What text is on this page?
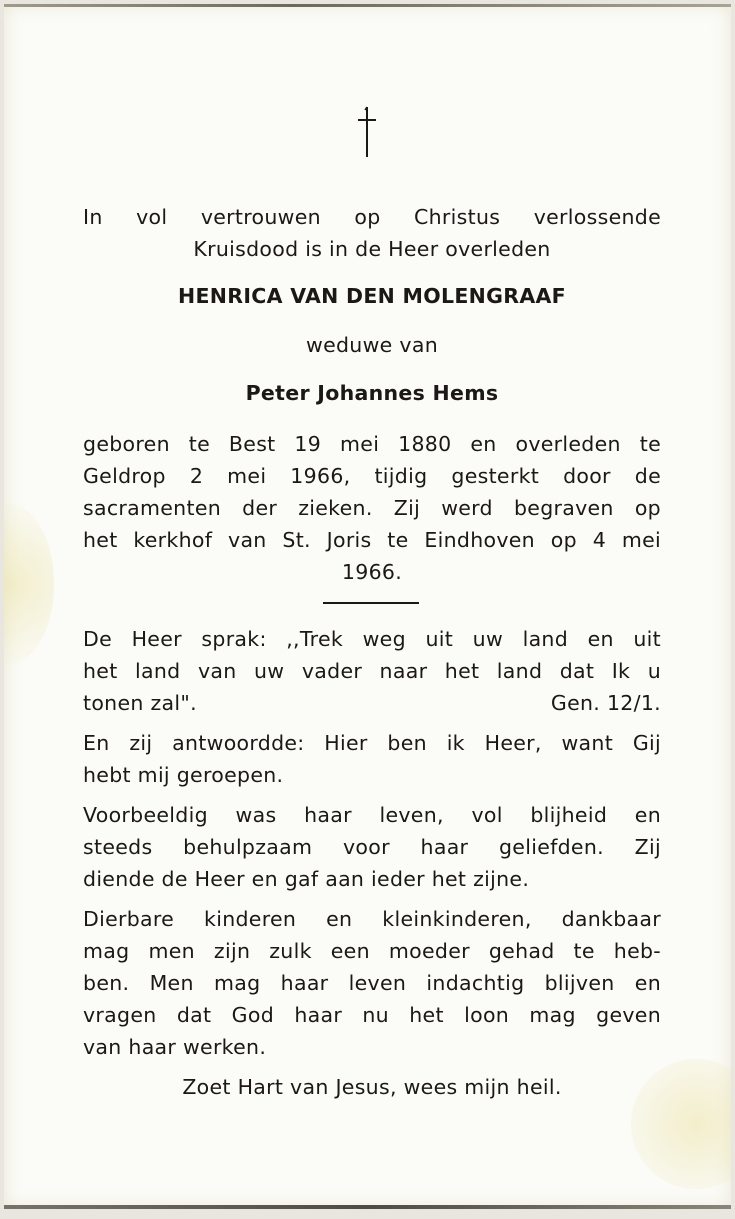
In vol vertrouwen op Christus verlossende
Kruisdood is in de Heer overleden
HENRICA VAN DEN MOLENGRAAF
weduwe van
Peter Johannes Hems
geboren te Best 19 mei 1880 en overleden te
Geldrop 2 mei 1966, tijdig gesterkt door de
sacramenten der zieken. Zij werd begraven op
het kerkhof van St. Joris te Eindhoven op 4 mei
1966.
De Heer sprak: ,,Trek weg uit uw land en uit
het land van uw vader naar het land dat Ik u
tonen zal".	Gen. 12/1.
En zij antwoordde: Hier ben ik Heer, want Gij
hebt mij geroepen.
Voorbeeldig was haar leven, vol blijheid en
steeds behulpzaam voor haar geliefden. Zij
diende de Heer en gaf aan ieder het zijne.
Dierbare kinderen en kleinkinderen, dankbaar
mag men zijn zulk een moeder gehad te heb-
ben. Men mag haar leven indachtig blijven en
vragen dat God haar nu het loon mag geven
van haar werken.
Zoet Hart van Jesus, wees mijn heil.
